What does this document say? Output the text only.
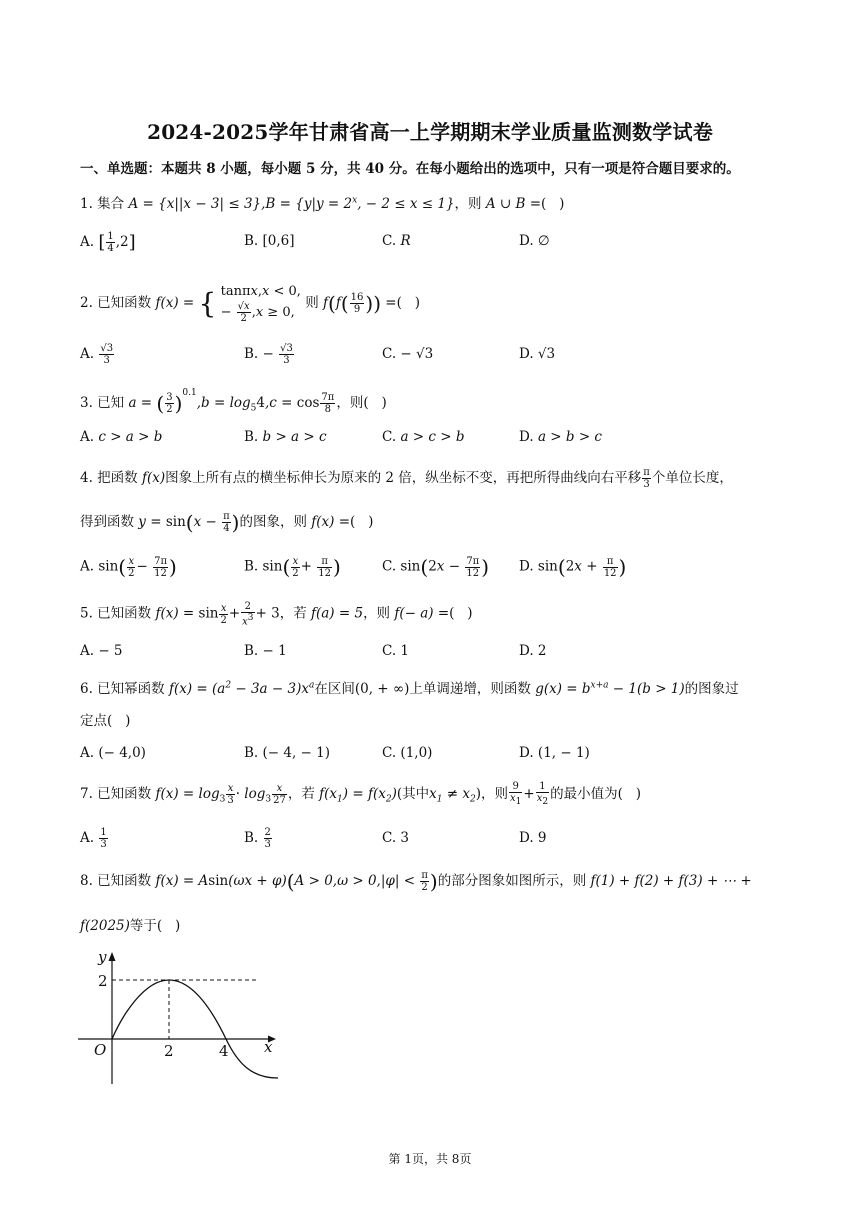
2024-2025学年甘肃省高一上学期期末学业质量监测数学试卷
一、单选题：本题共 8 小题，每小题 5 分，共 40 分。在每小题给出的选项中，只有一项是符合题目要求的。
1. 集合 $A = \{x||x - 3| \le 3\},B = \{y|y = 2^x$, − 2 ≤ x ≤ 1}，则 A ∪ B =(   )
A. [ $\frac{1}{4} ,2$]	B. [0,6]	C. R	D. ∅
2. 已知函数 f(x) = { tanπx,x < 0,
− $\frac{√x}{2} ,x \ge 0$,
则 $f(f( \frac{16}{9}$ )) =(   )
A. $\frac{√3}{3}$	B. − $\frac{√3}{3}$	C. − √3	D. √3
3. 已知 a = ( $\frac{3}{2} )^{0.1},b = \log_54,c = \cos \frac{7\pi}{8}$ ，则(   )
A. c > a > b	B. b > a > c	C. a > c > b	D. a > b > c
4. 把函数 f(x)图象上所有点的横坐标伸长为原来的 2 倍，纵坐标不变，再把所得曲线向右平移 $\frac{\pi}{3}$ 个单位长度，
得到函数 $y = \sin(x - \frac{\pi}{4}$ )的图象，则 f(x) =(   )
A. $\sin( \frac{x}{2} - \frac{7\pi}{12}$ )	B. $\sin( \frac{x}{2} + \frac{\pi}{12}$ )	C. $\sin(2x - \frac{7\pi}{12}$ ) D. $\sin(2x + \frac{\pi}{12}$ )
5. 已知函数 $f(x) = \sin \frac{x}{2} + \frac{2}{x^3} + 3$，若 f(a) = 5，则 f(− a) =(   )
A. − 5	B. − 1	C. 1	D. 2
6. 已知幂函数 $f(x) = (a^2 - 3a - 3)x^a$在区间(0, + ∞)上单调递增，则函数 $g(x) = b^{x+a} - 1(b > 1)$的图象过
定点(   )
A. (− 4,0)	B. (− 4, − 1)	C. (1,0)	D. (1, − 1)
7. 已知函数 $f(x) = \log_3 \frac{x}{3} \cdot \log_3 \frac{x}{27}$ ，若 $f(x_1) = f(x_2)$(其中$x_1 \ne x_2$)，则 $\frac{9}{x_1} + \frac{1}{x_2}$ 的最小值为(   )
A. $\frac{1}{3}$	B. $\frac{2}{3}$	C. 3	D. 9
8. 已知函数 $f(x) = Asin(\omega x + \varphi)(A > 0,\omega > 0,|\varphi| < \frac{\pi}{2}$ )的部分图象如图所示，则 f(1) + f(2) + f(3) + ⋯ +
f(2025)等于(   )
y
x
O
2
2	4
第 1页，共 8页
